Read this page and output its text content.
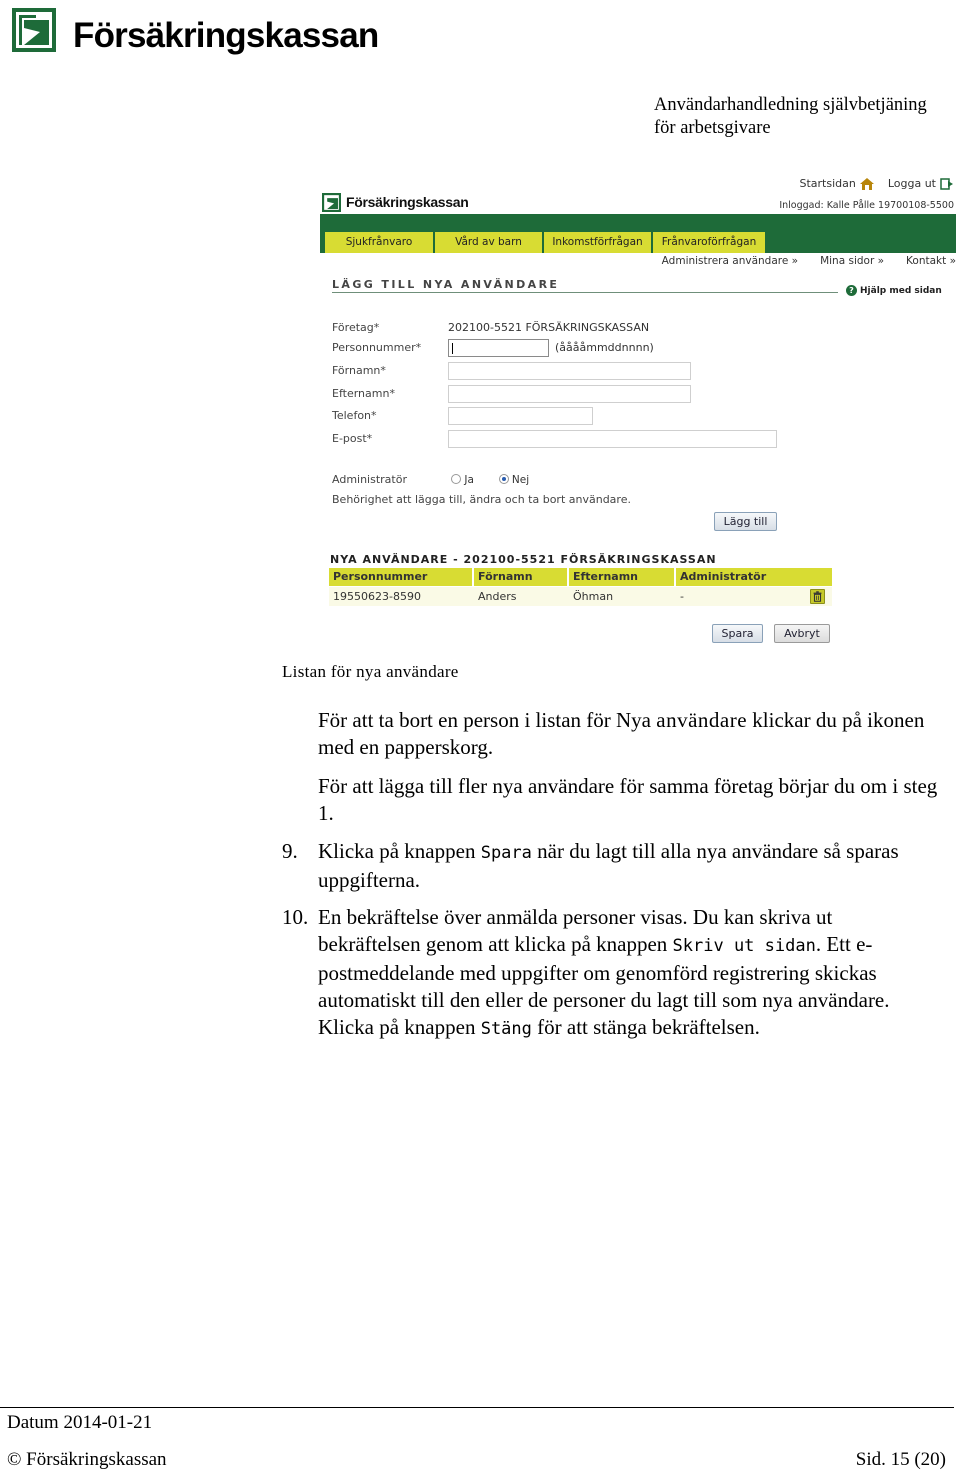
Försäkringskassan
Användarhandledning självbetjäning
för arbetsgivare
Startsidan	Logga ut
Inloggad: Kalle Pålle 19700108-5500
Försäkringskassan
Sjukfrånvaro	Vård av barn	Inkomstförfrågan	Frånvaroförfrågan
Administrera användare » Mina sidor » Kontakt »
LÄGG TILL NYA ANVÄNDARE	? Hjälp med sidan
Företag*	202100-5521 FÖRSÄKRINGSKASSAN
Personnummer*	(ååååmmddnnnn)
Förnamn*
Efternamn*
Telefon*
E-post*
Administratör	Ja	Nej
Behörighet att lägga till, ändra och ta bort användare.
Lägg till
NYA ANVÄNDARE - 202100-5521 FÖRSÄKRINGSKASSAN
Personnummer	Förnamn	Efternamn	Administratör
19550623-8590	Anders	Öhman	-
Spara	Avbryt
Listan för nya användare
För att ta bort en person i listan för Nya användare klickar du på ikonen med en papperskorg.
För att lägga till fler nya användare för samma företag börjar du om i steg 1.
9. Klicka på knappen Spara när du lagt till alla nya användare så sparas uppgifterna.
10. En bekräftelse över anmälda personer visas. Du kan skriva ut bekräftelsen genom att klicka på knappen Skriv ut sidan. Ett e-postmeddelande med uppgifter om genomförd registrering skickas automatiskt till den eller de personer du lagt till som nya användare. Klicka på knappen Stäng för att stänga bekräftelsen.
Datum 2014-01-21
© Försäkringskassan	Sid. 15 (20)
